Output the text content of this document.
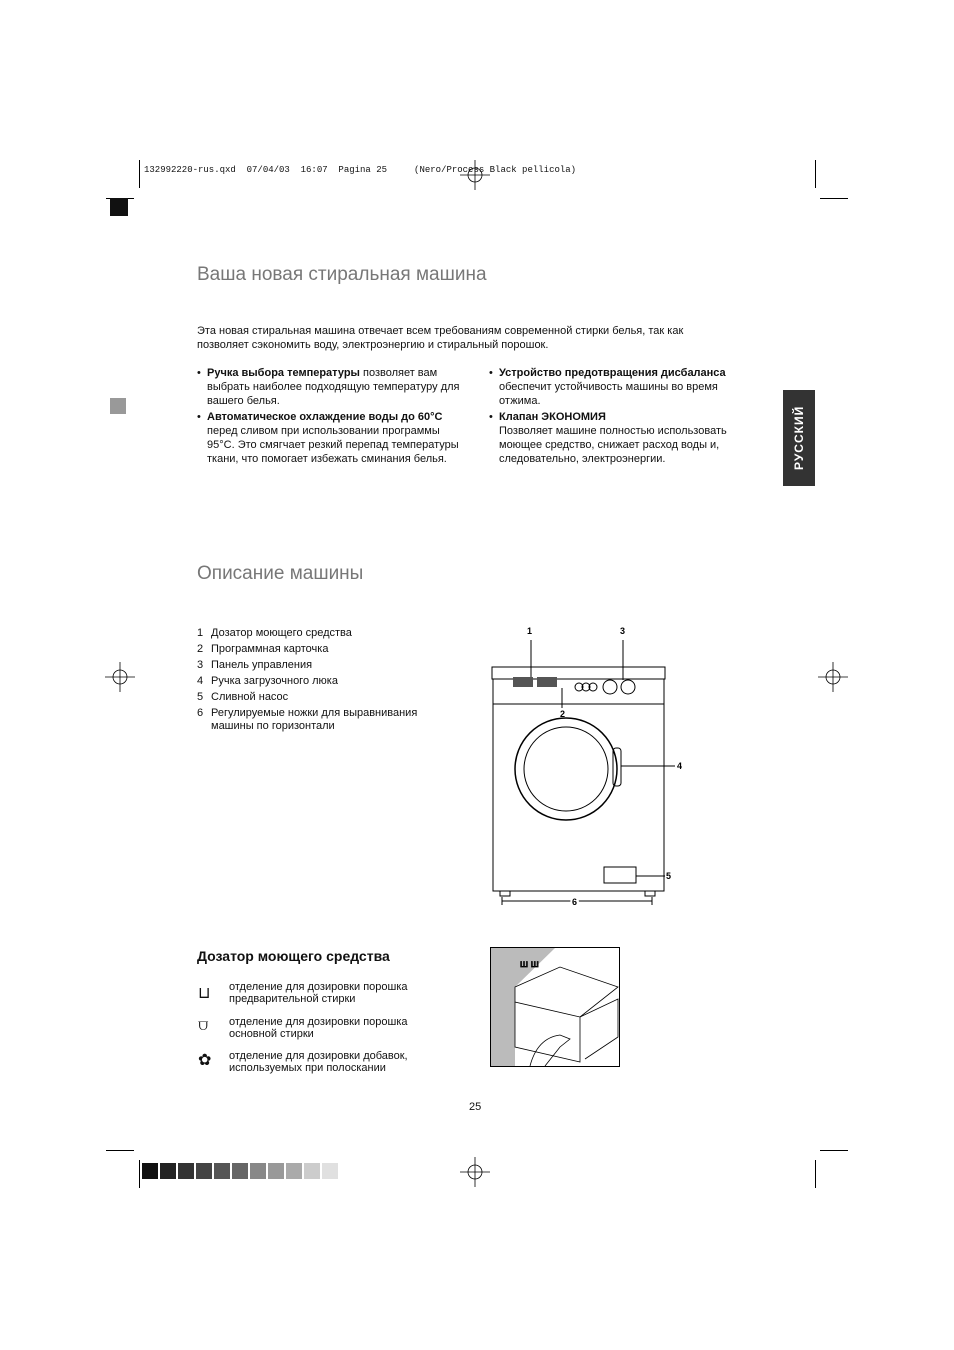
132992220-rus.qxd  07/04/03  16:07  Pagina 25     (Nero/Process Black pellicola)
Ваша новая стиральная машина
Эта новая стиральная машина отвечает всем требованиям современной стирки белья, так как позволяет сэкономить воду, электроэнергию и стиральный порошок.
• Ручка выбора температуры позволяет вам выбрать наиболее подходящую температуру для вашего белья.
• Автоматическое охлаждение воды до 60°C перед сливом при использовании программы 95°C. Это смягчает резкий перепад температуры ткани, что помогает избежать сминания белья.
• Устройство предотвращения дисбаланса обеспечит устойчивость машины во время отжима.
• Клапан ЭКОНОМИЯ
Позволяет машине полностью использовать моющее средство, снижает расход воды и, следовательно, электроэнергии.	РУССКИЙ
Описание машины
1 Дозатор моющего средства
2 Программная карточка
3 Панель управления
4 Ручка загрузочного люка
5 Сливной насос
6 Регулируемые ножки для выравнивания машины по горизонтали
1
2
3
4
5
6
Дозатор моющего средства
⊔ отделение для дозировки порошка предварительной стирки
⩌ отделение для дозировки порошка основной стирки
✿ отделение для дозировки добавок, используемых при полоскании
ш ш
25
